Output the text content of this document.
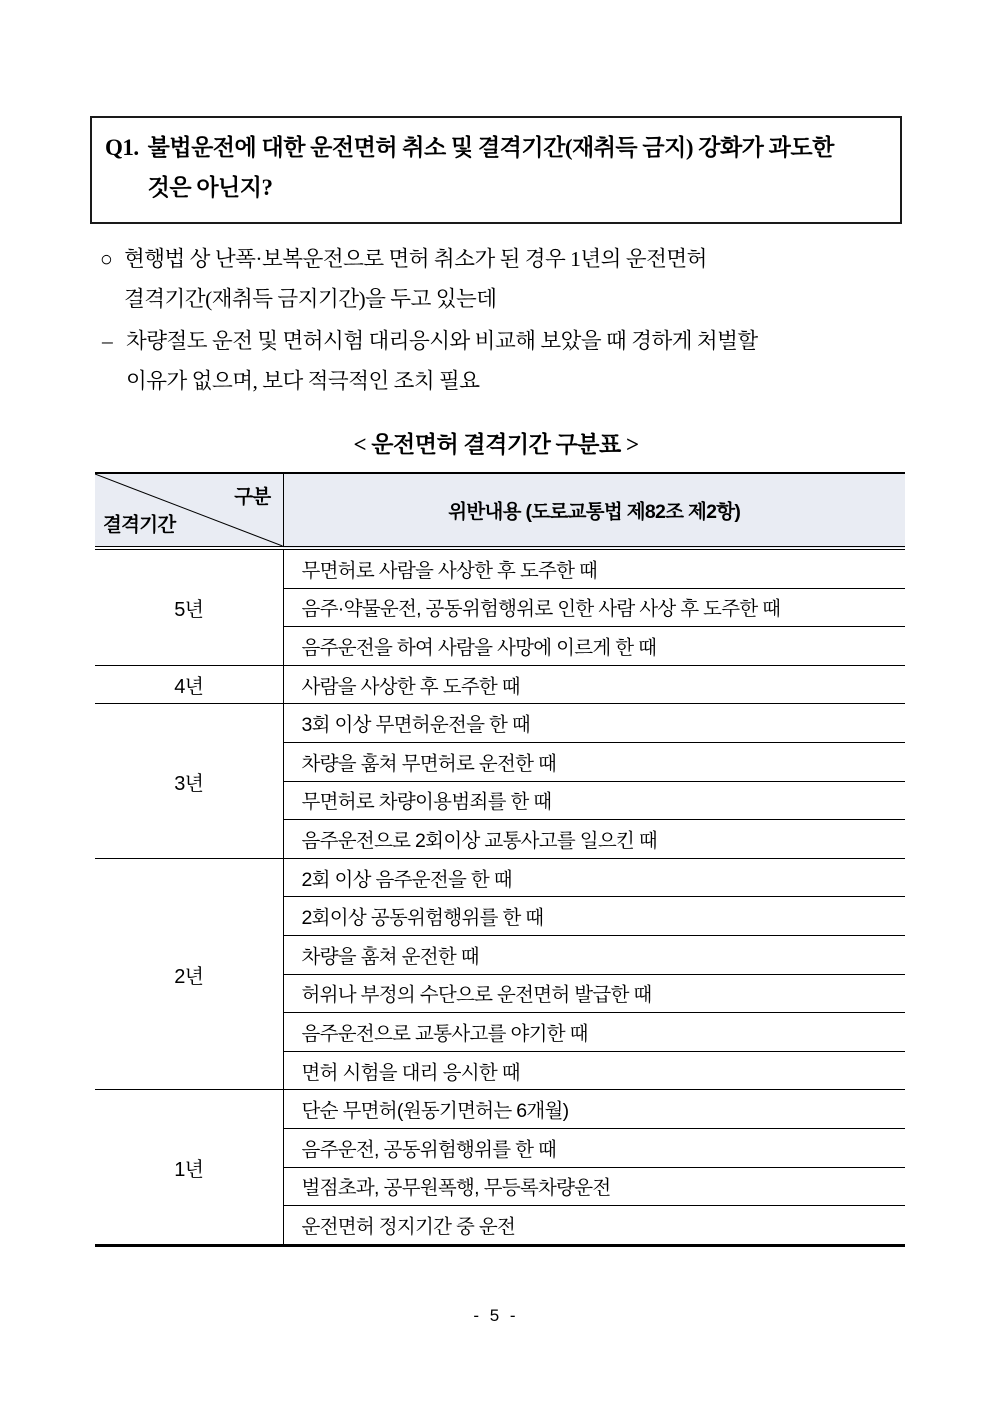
Q1. 불법운전에 대한 운전면허 취소 및 결격기간(재취득 금지) 강화가 과도한
것은 아닌지?
○ 현행법 상 난폭·보복운전으로 면허 취소가 된 경우 1년의 운전면허
결격기간(재취득 금지기간)을 두고 있는데
– 차량절도 운전 및 면허시험 대리응시와 비교해 보았을 때 경하게 처벌할
이유가 없으며, 보다 적극적인 조치 필요
< 운전면허 결격기간 구분표 >
구분
결격기간	위반내용 (도로교통법 제82조 제2항)
5년	무면허로 사람을 사상한 후 도주한 때
	음주·약물운전, 공동위험행위로 인한 사람 사상 후 도주한 때
	음주운전을 하여 사람을 사망에 이르게 한 때
4년	사람을 사상한 후 도주한 때
3년	3회 이상 무면허운전을 한 때
	차량을 훔쳐 무면허로 운전한 때
	무면허로 차량이용범죄를 한 때
	음주운전으로 2회이상 교통사고를 일으킨 때
2년	2회 이상 음주운전을 한 때
	2회이상 공동위험행위를 한 때
	차량을 훔쳐 운전한 때
	허위나 부정의 수단으로 운전면허 발급한 때
	음주운전으로 교통사고를 야기한 때
	면허 시험을 대리 응시한 때
1년	단순 무면허(원동기면허는 6개월)
	음주운전, 공동위험행위를 한 때
	벌점초과, 공무원폭행, 무등록차량운전
	운전면허 정지기간 중 운전
- 5 -
